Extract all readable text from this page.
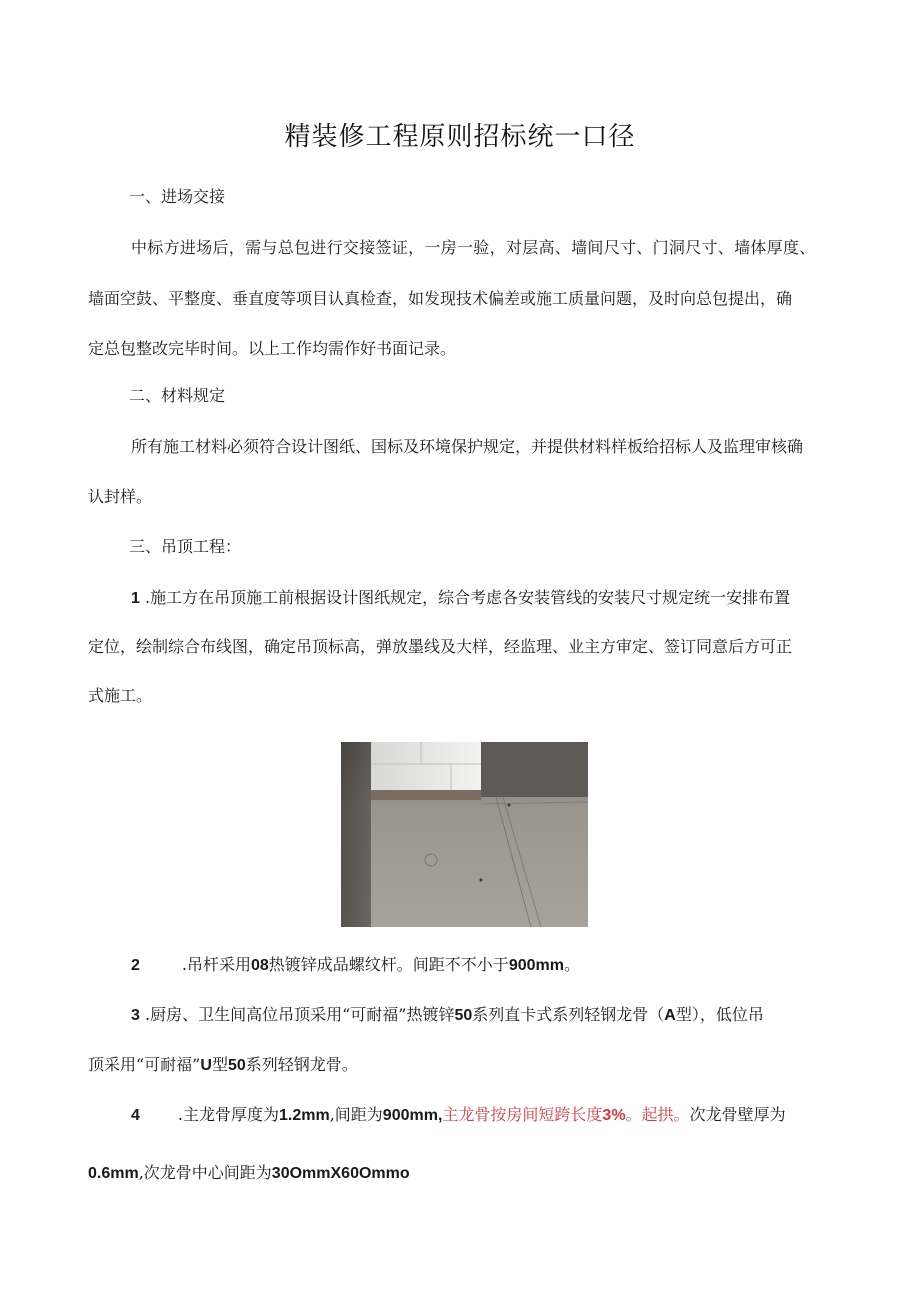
精装修工程原则招标统一口径
一、进场交接
中标方进场后，需与总包进行交接签证，一房一验，对层高、墙间尺寸、门洞尺寸、墙体厚度、
墙面空鼓、平整度、垂直度等项目认真检查，如发现技术偏差或施工质量问题，及时向总包提出，确
定总包整改完毕时间。以上工作均需作好书面记录。
二、材料规定
所有施工材料必须符合设计图纸、国标及环境保护规定，并提供材料样板给招标人及监理审核确
认封样。
三、吊顶工程：
1 .施工方在吊顶施工前根据设计图纸规定，综合考虑各安装管线的安装尺寸规定统一安排布置
定位，绘制综合布线图，确定吊顶标高，弹放墨线及大样，经监理、业主方审定、签订同意后方可正
式施工。
2	.吊杆采用08热镀锌成品螺纹杆。间距不不小于900mm。
3 .厨房、卫生间高位吊顶采用“可耐福”热镀锌50系列直卡式系列轻钢龙骨（A型），低位吊
顶采用“可耐福”U型50系列轻钢龙骨。
4 .主龙骨厚度为1.2mm,间距为900mm,主龙骨按房间短跨长度3%。起拱。次龙骨壁厚为
0.6mm,次龙骨中心间距为30OmmX60Ommo
